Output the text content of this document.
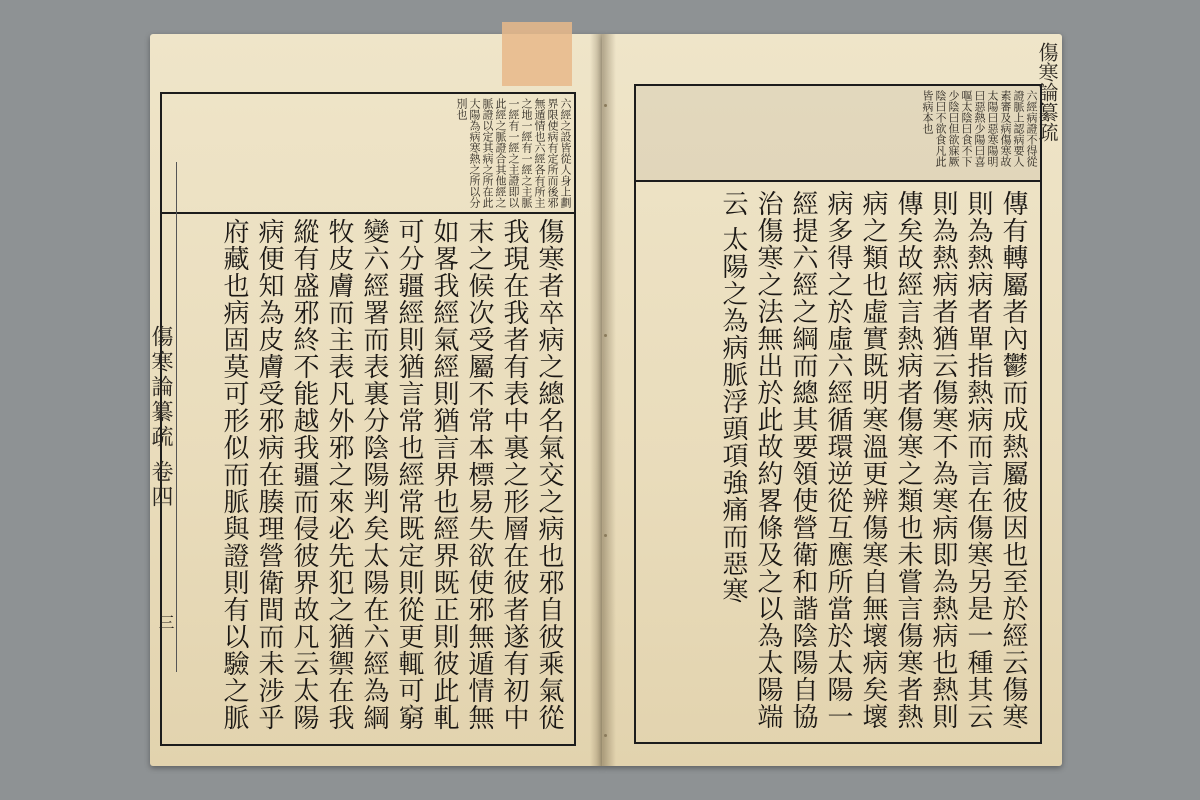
六經之設皆從人身上劃界限使病有定所而後邪無遁情也六經各有所主之地一經有一經之主脈一經有一經之主證即以此經之脈證合其他經之脈證以定其病之所在此大陽為病寒熱之所以分別也
傷寒者卒病之總名氣交之病也邪自彼乘氣從我現在我者有表中裏之形層在彼者遂有初中末之候次受屬不常本標易失欲使邪無遁情無如畧我經氣經則猶言界也經界既正則彼此軋可分疆經則猶言常也經常既定則從更輒可窮變六經署而表裏分陰陽判矣太陽在六經為綱牧皮膚而主表凡外邪之來必先犯之猶禦在我縱有盛邪終不能越我疆而侵彼界故凡云太陽病便知為皮膚受邪病在腠理營衛間而未涉乎府藏也病固莫可形似而脈與證則有以驗之脈
傷寒論纂疏 卷四
三
傷寒論纂疏
六經病證不得從證脈上認病要人素審及病傷寒故太陽曰惡寒陽明曰惡熱少陽曰喜嘔太陰曰食不下少陰曰但欲寐厥陰曰不欲食凡此皆病本也
傳有轉屬者內鬱而成熱屬彼因也至於經云傷寒則為熱病者單指熱病而言在傷寒另是一種其云則為熱病者猶云傷寒不為寒病即為熱病也熱則傳矣故經言熱病者傷寒之類也未嘗言傷寒者熱病之類也虛實既明寒溫更辨傷寒自無壞病矣壞病多得之於虛六經循環逆從互應所當於太陽一經提六經之綱而總其要領使營衛和諧陰陽自協治傷寒之法無出於此故約畧條及之以為太陽端云 太陽之為病脈浮頭項強痛而惡寒
